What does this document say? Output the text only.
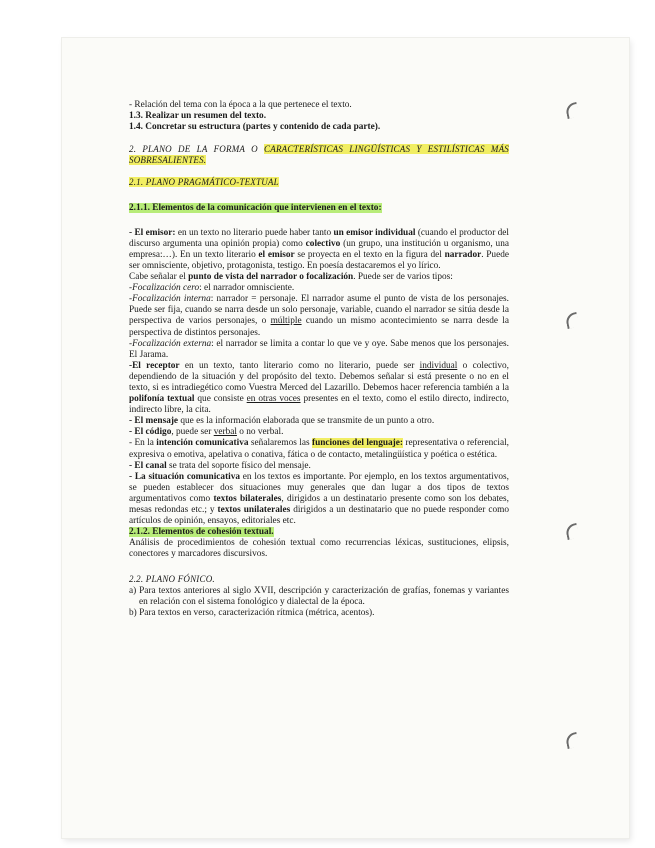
- Relación del tema con la época a la que pertenece el texto.

1.3. Realizar un resumen del texto.

1.4. Concretar su estructura (partes y contenido de cada parte).

2. PLANO DE LA FORMA O CARACTERÍSTICAS LINGÜÍSTICAS Y ESTILÍSTICAS MÁS SOBRESALIENTES.

2.1. PLANO PRAGMÁTICO-TEXTUAL

2.1.1. Elementos de la comunicación que intervienen en el texto:

- El emisor: en un texto no literario puede haber tanto un emisor individual (cuando el productor del discurso argumenta una opinión propia) como colectivo (un grupo, una institución u organismo, una empresa:…). En un texto literario el emisor se proyecta en el texto en la figura del narrador. Puede ser omnisciente, objetivo, protagonista, testigo. En poesía destacaremos el yo lírico.

Cabe señalar el punto de vista del narrador o focalización. Puede ser de varios tipos:

-Focalización cero: el narrador omnisciente.

-Focalización interna: narrador = personaje. El narrador asume el punto de vista de los personajes. Puede ser fija, cuando se narra desde un solo personaje, variable, cuando el narrador se sitúa desde la perspectiva de varios personajes, o múltiple cuando un mismo acontecimiento se narra desde la perspectiva de distintos personajes.

-Focalización externa: el narrador se limita a contar lo que ve y oye. Sabe menos que los personajes. El Jarama.

-El receptor en un texto, tanto literario como no literario, puede ser individual o colectivo, dependiendo de la situación y del propósito del texto. Debemos señalar si está presente o no en el texto, si es intradiegético como Vuestra Merced del Lazarillo. Debemos hacer referencia también a la polifonía textual que consiste en otras voces presentes en el texto, como el estilo directo, indirecto, indirecto libre, la cita.

- El mensaje que es la información elaborada que se transmite de un punto a otro.

- El código, puede ser verbal o no verbal.

- En la intención comunicativa señalaremos las funciones del lenguaje: representativa o referencial, expresiva o emotiva, apelativa o conativa, fática o de contacto, metalingüística y poética o estética.

- El canal se trata del soporte físico del mensaje.

- La situación comunicativa en los textos es importante. Por ejemplo, en los textos argumentativos, se pueden establecer dos situaciones muy generales que dan lugar a dos tipos de textos argumentativos como textos bilaterales, dirigidos a un destinatario presente como son los debates, mesas redondas etc.; y textos unilaterales dirigidos a un destinatario que no puede responder como artículos de opinión, ensayos, editoriales etc.

2.1.2. Elementos de cohesión textual.

Análisis de procedimientos de cohesión textual como recurrencias léxicas, sustituciones, elipsis, conectores y marcadores discursivos.

2.2. PLANO FÓNICO.

a) Para textos anteriores al siglo XVII, descripción y caracterización de grafías, fonemas y variantes en relación con el sistema fonológico y dialectal de la época.

b) Para textos en verso, caracterización rítmica (métrica, acentos).
